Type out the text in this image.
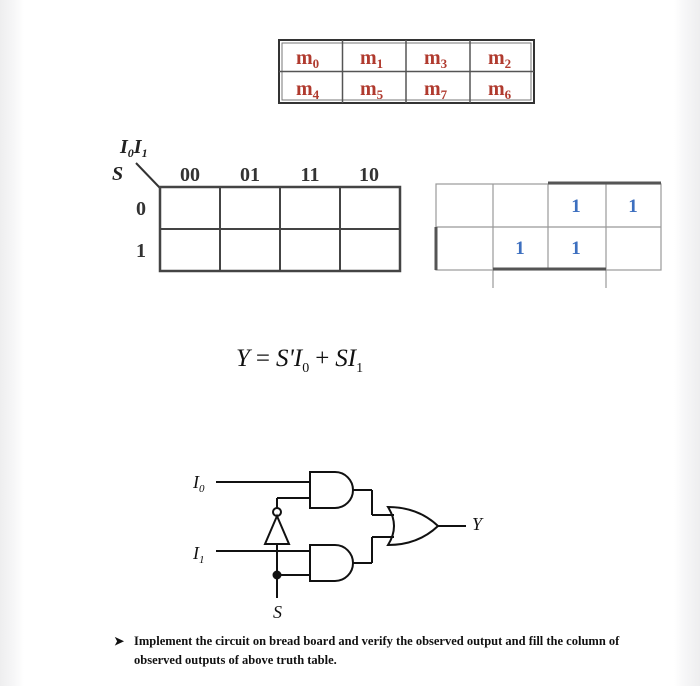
$m_0$ $m_1$ $m_3$ $m_2$
$m_4$ $m_5$ $m_7$ $m_6$
$I_0I_1$
S	00 01 11 10
0
1
1	1
1 1
$Y = S'I_0 + SI_1$
$I_0$
$I_1$
S
Y
➤ Implement the circuit on bread board and verify the observed output and fill the column of observed outputs of above truth table.
